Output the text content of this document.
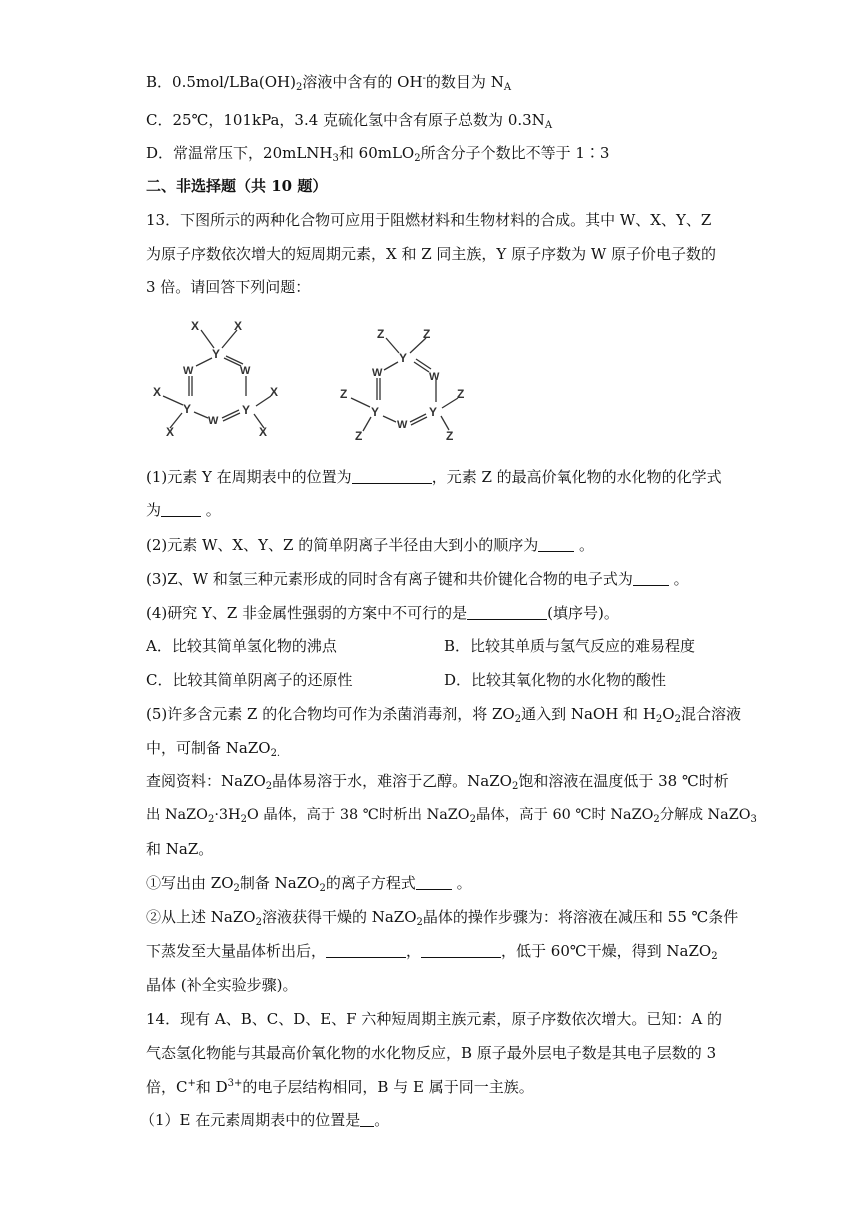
B．$0.5mol/LBa(OH)_2$溶液中含有的 OH-的数目为 $N_A$
C．25℃，101kPa，3.4 克硫化氢中含有原子总数为 $0.3N_A$
D．常温常压下，20mLNH$_3$和 60mLO$_2$所含分子个数比不等于 1∶3
二、非选择题（共 10 题）
13．下图所示的两种化合物可应用于阻燃材料和生物材料的合成。其中 W、X、Y、Z
为原子序数依次增大的短周期元素，X 和 Z 同主族，Y 原子序数为 W 原子价电子数的
3 倍。请回答下列问题：
X	X
Y
W	W
X
Y	Y
X
W
X	X
Z	Z
Y
W	W
Z
Y	Y
Z
W
Z	Z
(1)元素 Y 在周期表中的位置为	，元素 Z 的最高价氧化物的水化物的化学式
为	。
(2)元素 W、X、Y、Z 的简单阴离子半径由大到小的顺序为 。
(3)Z、W 和氢三种元素形成的同时含有离子键和共价键化合物的电子式为 。
(4)研究 Y、Z 非金属性强弱的方案中不可行的是	(填序号)。
A．比较其简单氢化物的沸点	B．比较其单质与氢气反应的难易程度
C．比较其简单阴离子的还原性	D．比较其氧化物的水化物的酸性
(5)许多含元素 Z 的化合物均可作为杀菌消毒剂，将 $ZO_2$通入到 NaOH 和 $H_2O_2$混合溶液
中，可制备 NaZO$_{2.}$
查阅资料：NaZO$_2$晶体易溶于水，难溶于乙醇。NaZO$_2$饱和溶液在温度低于 38 ℃时析
出 $NaZO_2\cdot 3H_2O$ 晶体，高于 38 ℃时析出 NaZO$_2$晶体，高于 60 ℃时 NaZO$_2$分解成 NaZO$_3$
和 NaZ。
①写出由 $ZO_2$制备 NaZO$_2$的离子方程式 。
②从上述 NaZO$_2$溶液获得干燥的 NaZO$_2$晶体的操作步骤为：将溶液在减压和 55 ℃条件
下蒸发至大量晶体析出后，	，	，低于 60℃干燥，得到 NaZO$_2$
晶体 (补全实验步骤)。
14．现有 A、B、C、D、E、F 六种短周期主族元素，原子序数依次增大。已知：A 的
气态氢化物能与其最高价氧化物的水化物反应，B 原子最外层电子数是其电子层数的 3
倍，C+和 $D^{3+}$的电子层结构相同，B 与 E 属于同一主族。
（1）E 在元素周期表中的位置是 。
